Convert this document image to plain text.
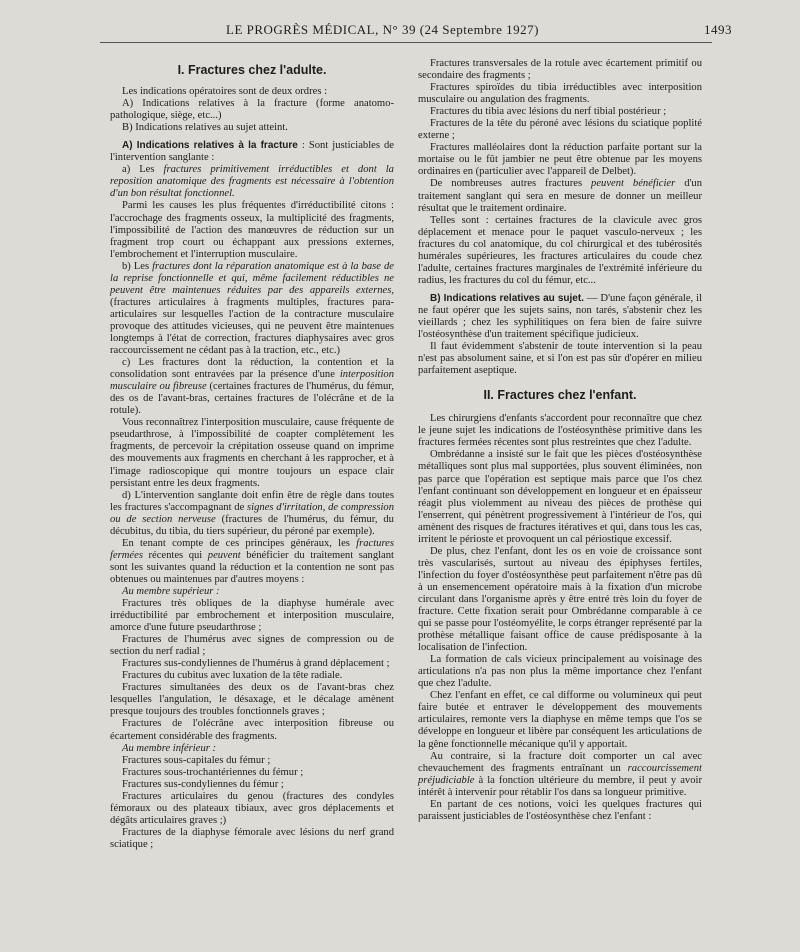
LE PROGRÈS MÉDICAL, N° 39 (24 Septembre 1927)	1493
I. Fractures chez l'adulte.

Les indications opératoires sont de deux ordres :

A) Indications relatives à la fracture (forme anatomo-pathologique, siège, etc...)

B) Indications relatives au sujet atteint.

A) Indications relatives à la fracture : Sont justiciables de l'intervention sanglante :

a) Les fractures primitivement irréductibles et dont la reposition anatomique des fragments est nécessaire à l'obtention d'un bon résultat fonctionnel.

Parmi les causes les plus fréquentes d'irréductibilité citons : l'accrochage des fragments osseux, la multiplicité des fragments, l'impossibilité de l'action des manœuvres de réduction sur un fragment trop court ou échappant aux pressions externes, l'embrochement et l'interruption musculaire.

b) Les fractures dont la réparation anatomique est à la base de la reprise fonctionnelle et qui, même facilement réductibles ne peuvent être maintenues réduites par des appareils externes, (fractures articulaires à fragments multiples, fractures para-articulaires sur lesquelles l'action de la contracture musculaire provoque des attitudes vicieuses, qui ne peuvent être maintenues longtemps à l'état de correction, fractures diaphysaires avec gros raccourcissement ne cédant pas à la traction, etc., etc.)

c) Les fractures dont la réduction, la contention et la consolidation sont entravées par la présence d'une interposition musculaire ou fibreuse (certaines fractures de l'humérus, du fémur, des os de l'avant-bras, certaines fractures de l'olécrâne et de la rotule).

Vous reconnaîtrez l'interposition musculaire, cause fréquente de pseudarthrose, à l'impossibilité de coapter complètement les fragments, de percevoir la crépitation osseuse quand on imprime des mouvements aux fragments en cherchant à les rapprocher, et à l'image radioscopique qui montre toujours un espace clair persistant entre les deux fragments.

d) L'intervention sanglante doit enfin être de règle dans toutes les fractures s'accompagnant de signes d'irritation, de compression ou de section nerveuse (fractures de l'humérus, du fémur, du décubitus, du tibia, du tiers supérieur, du péroné par exemple).

En tenant compte de ces principes généraux, les fractures fermées récentes qui peuvent bénéficier du traitement sanglant sont les suivantes quand la réduction et la contention ne sont pas obtenues ou maintenues par d'autres moyens :

Au membre supérieur :

Fractures très obliques de la diaphyse humérale avec irréductibilité par embrochement et interposition musculaire, amorce d'une future pseudarthrose ;

Fractures de l'humérus avec signes de compression ou de section du nerf radial ;

Fractures sus-condyliennes de l'humérus à grand déplacement ;

Fractures du cubitus avec luxation de la tête radiale.

Fractures simultanées des deux os de l'avant-bras chez lesquelles l'angulation, le désaxage, et le décalage amènent presque toujours des troubles fonctionnels graves ;

Fractures de l'olécrâne avec interposition fibreuse ou écartement considérable des fragments.

Au membre inférieur :

Fractures sous-capitales du fémur ;

Fractures sous-trochantériennes du fémur ;

Fractures sus-condyliennes du fémur ;

Fractures articulaires du genou (fractures des condyles fémoraux ou des plateaux tibiaux, avec gros déplacements et dégâts articulaires graves ;)

Fractures de la diaphyse fémorale avec lésions du nerf grand sciatique ;

Fractures transversales de la rotule avec écartement primitif ou secondaire des fragments ;

Fractures spiroïdes du tibia irréductibles avec interposition musculaire ou angulation des fragments.

Fractures du tibia avec lésions du nerf tibial postérieur ;

Fractures de la tête du péroné avec lésions du sciatique poplité externe ;

Fractures malléolaires dont la réduction parfaite portant sur la mortaise ou le fût jambier ne peut être obtenue par les moyens ordinaires en (particulier avec l'appareil de Delbet).

De nombreuses autres fractures peuvent bénéficier d'un traitement sanglant qui sera en mesure de donner un meilleur résultat que le traitement ordinaire.

Telles sont : certaines fractures de la clavicule avec gros déplacement et menace pour le paquet vasculo-nerveux ; les fractures du col anatomique, du col chirurgical et des tubérosités humérales supérieures, les fractures articulaires du coude chez l'adulte, certaines fractures marginales de l'extrémité inférieure du radius, les fractures du col du fémur, etc...

B) Indications relatives au sujet. — D'une façon générale, il ne faut opérer que les sujets sains, non tarés, s'abstenir chez les vieillards ; chez les syphilitiques on fera bien de faire suivre l'ostéosynthèse d'un traitement spécifique judicieux.

Il faut évidemment s'abstenir de toute intervention si la peau n'est pas absolument saine, et si l'on est pas sûr d'opérer en milieu parfaitement aseptique.

II. Fractures chez l'enfant.

Les chirurgiens d'enfants s'accordent pour reconnaître que chez le jeune sujet les indications de l'ostéosynthèse primitive dans les fractures fermées récentes sont plus restreintes que chez l'adulte.

Ombrédanne a insisté sur le fait que les pièces d'ostéosynthèse métalliques sont plus mal supportées, plus souvent éliminées, non pas parce que l'opération est septique mais parce que l'os chez l'enfant continuant son développement en longueur et en épaisseur réagit plus violemment au niveau des pièces de prothèse qui l'enserrent, qui pénètrent progressivement à l'intérieur de l'os, qui amènent des risques de fractures itératives et qui, dans tous les cas, irritent le périoste et provoquent un cal périostique excessif.

De plus, chez l'enfant, dont les os en voie de croissance sont très vascularisés, surtout au niveau des épiphyses fertiles, l'infection du foyer d'ostéosynthèse peut parfaitement n'être pas dû à un ensemencement opératoire mais à la fixation d'un microbe circulant dans l'organisme après y être entré très loin du foyer de fracture. Cette fixation serait pour Ombrédanne comparable à ce qui se passe pour l'ostéomyélite, le corps étranger représenté par la prothèse métallique faisant office de cause prédisposante à la localisation de l'infection.

La formation de cals vicieux principalement au voisinage des articulations n'a pas non plus la même importance chez l'enfant que chez l'adulte.

Chez l'enfant en effet, ce cal difforme ou volumineux qui peut faire butée et entraver le développement des mouvements articulaires, remonte vers la diaphyse en même temps que l'os se développe en longueur et libère par conséquent les articulations de la gêne fonctionnelle mécanique qu'il y apportait.

Au contraire, si la fracture doit comporter un cal avec chevauchement des fragments entraînant un raccourcissement préjudiciable à la fonction ultérieure du membre, il peut y avoir intérêt à intervenir pour rétablir l'os dans sa longueur primitive.

En partant de ces notions, voici les quelques fractures qui paraissent justiciables de l'ostéosynthèse chez l'enfant :
